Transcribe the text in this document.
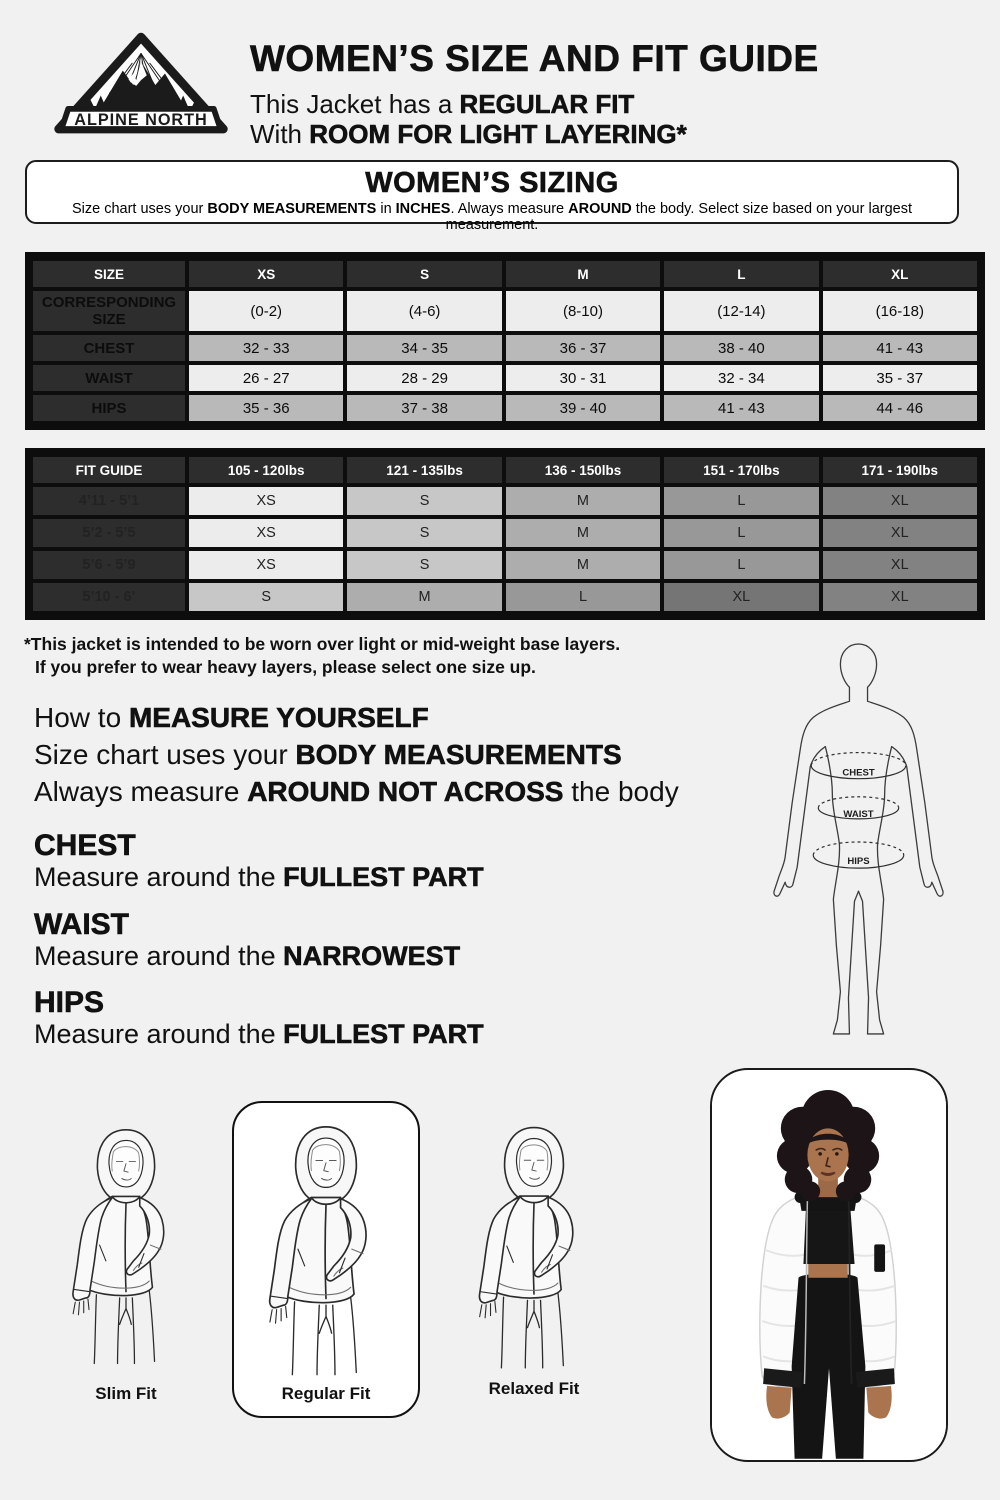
ALPINE NORTH
WOMEN’S SIZE AND FIT GUIDE
This Jacket has a REGULAR FIT
With ROOM FOR LIGHT LAYERING*
WOMEN’S SIZING
Size chart uses your BODY MEASUREMENTS in INCHES. Always measure AROUND the body. Select size based on your largest measurement.
SIZE	XS	S	M	L	XL
CORRESPONDING SIZE	(0-2)	(4-6)	(8-10)	(12-14)	(16-18)
CHEST	32 - 33	34 - 35	36 - 37	38 - 40	41 - 43
WAIST	26 - 27	28 - 29	30 - 31	32 - 34	35 - 37
HIPS	35 - 36	37 - 38	39 - 40	41 - 43	44 - 46
FIT GUIDE	105 - 120lbs	121 - 135lbs	136 - 150lbs	151 - 170lbs	171 - 190lbs
4’11 - 5’1	XS	S	M	L	XL
5’2 - 5’5	XS	S	M	L	XL
5’6 - 5’9	XS	S	M	L	XL
5’10 - 6’	S	M	L	XL	XL
*This jacket is intended to be worn over light or mid-weight base layers.
If you prefer to wear heavy layers, please select one size up.
How to MEASURE YOURSELF
Size chart uses your BODY MEASUREMENTS
Always measure AROUND NOT ACROSS the body
CHEST
Measure around the FULLEST PART
WAIST
Measure around the NARROWEST
HIPS
Measure around the FULLEST PART
CHEST
WAIST
HIPS
Slim Fit	Regular Fit	Relaxed Fit
